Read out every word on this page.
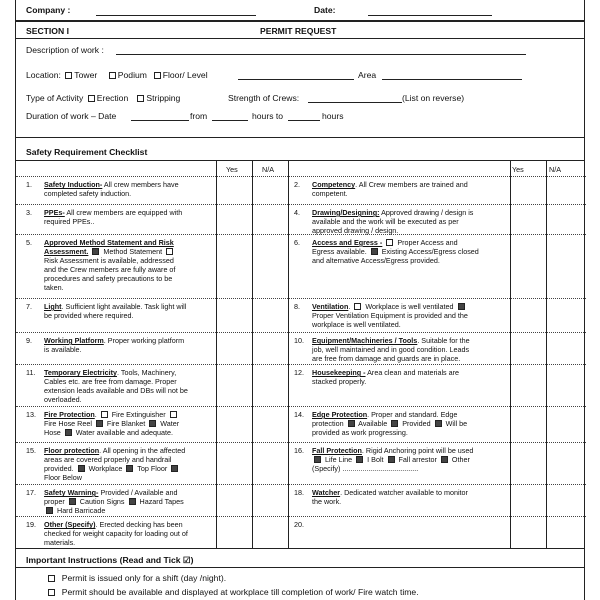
Company :	Date:
SECTION I	PERMIT REQUEST
Description of work :
Location: Tower Podium Floor/ Level	Area
Type of Activity Erection Stripping	Strength of Crews:	(List on reverse)
Duration of work – Date	from	hours to	hours
Safety Requirement Checklist
Yes	N/A	Yes	N/A
1. Safety Induction- All crew members have
completed safety induction.
2. Competency. All Crew members are trained and
competent.
3. PPEs- All crew members are equipped with
required PPEs..
4. Drawing/Designing: Approved drawing / design is
available and the work will be executed as per
approved drawing / design.
5. Approved Method Statement and Risk
Assessment.  Method Statement
Risk Assessment is available, addressed
and the Crew members are fully aware of
procedures and safety precautions to be
taken.
6. Access and Egress -  Proper Access and
Egress available.  Existing Access/Egress closed
and alternative Access/Egress provided.
7. Light. Sufficient light available. Task light will
be provided where required.
8. Ventilation.  Workplace is well ventilated
Proper Ventilation Equipment is provided and the
workplace is well ventilated.
9. Working Platform. Proper working platform
is available.
10. Equipment/Machineries / Tools. Suitable for the
job, well maintained and in good condition. Leads
are free from damage and guards are in place.
11. Temporary Electricity. Tools, Machinery,
Cables etc. are free from damage. Proper
extension leads available and DBs will not be
overloaded.
12. Housekeeping - Area clean and materials are
stacked properly.
13. Fire Protection.  Fire Extinguisher
Fire Hose Reel  Fire Blanket  Water
Hose  Water available and adequate.
14. Edge Protection. Proper and standard. Edge
protection  Available  Provided  Will be
provided as work progressing.
15. Floor protection. All opening in the affected
areas are covered properly and handrail
provided.  Workplace  Top Floor
Floor Below
16. Fall Protection. Rigid Anchoring point will be used
Life Line  I Bolt  Fall arrestor  Other
(Specify) ......................................
17. Safety Warning- Provided / Available and
proper  Caution Signs  Hazard Tapes
Hard Barricade
18. Watcher. Dedicated watcher available to monitor
the work.
19. Other (Specify). Erected decking has been
checked for weight capacity for loading out of
materials.
20.
Important Instructions (Read and Tick ☑)
Permit is issued only for a shift (day /night).
Permit should be available and displayed at workplace till completion of work/ Fire watch time.
